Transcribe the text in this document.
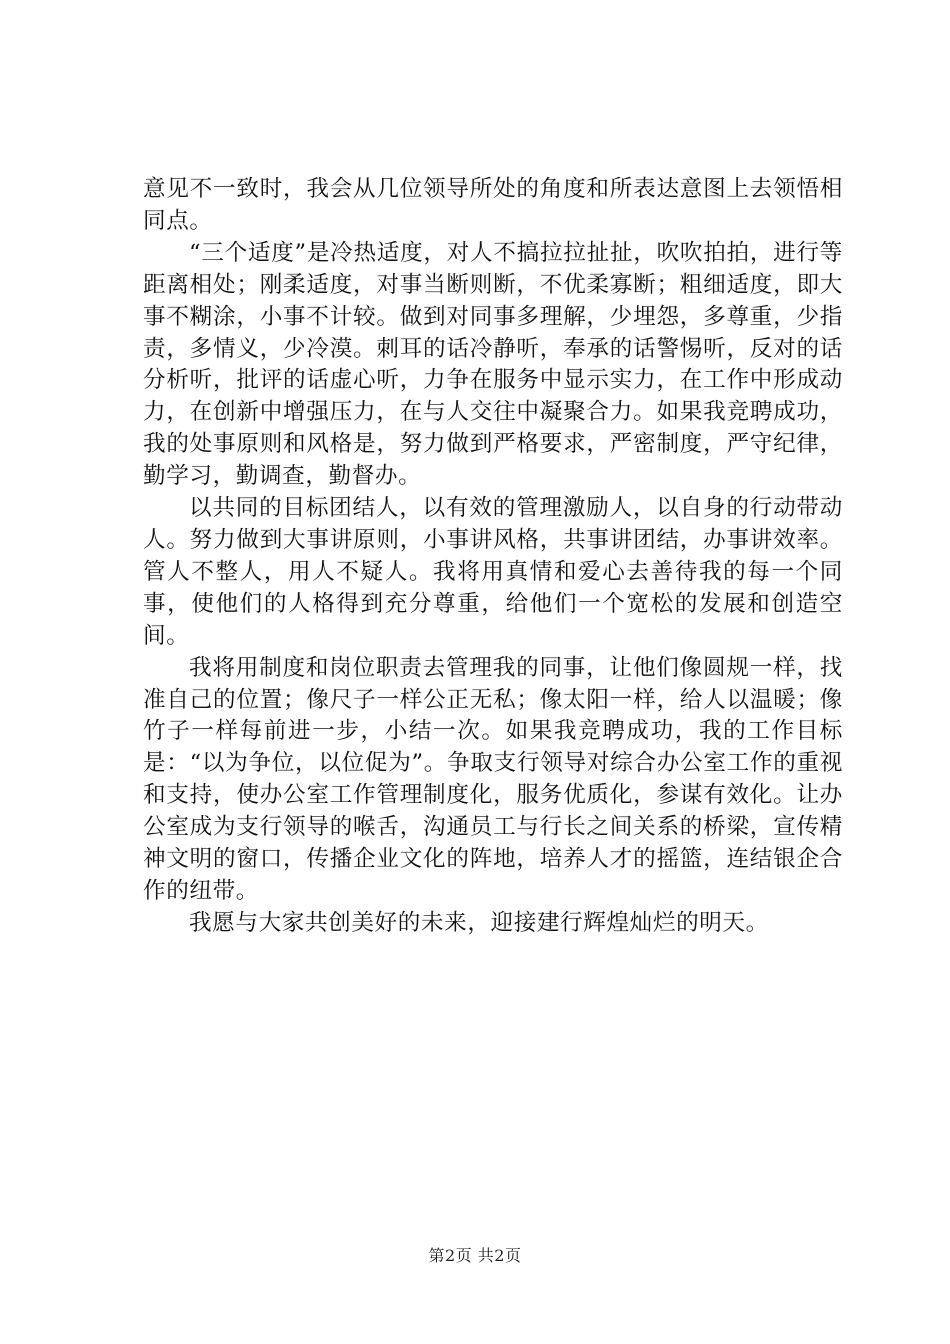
意见不一致时，我会从几位领导所处的角度和所表达意图上去领悟相同点。

“三个适度”是冷热适度，对人不搞拉拉扯扯，吹吹拍拍，进行等距离相处；刚柔适度，对事当断则断，不优柔寡断；粗细适度，即大事不糊涂，小事不计较。做到对同事多理解，少埋怨，多尊重，少指责，多情义，少冷漠。刺耳的话冷静听，奉承的话警惕听，反对的话分析听，批评的话虚心听，力争在服务中显示实力，在工作中形成动力，在创新中增强压力，在与人交往中凝聚合力。如果我竞聘成功，我的处事原则和风格是，努力做到严格要求，严密制度，严守纪律，勤学习，勤调查，勤督办。

以共同的目标团结人，以有效的管理激励人，以自身的行动带动人。努力做到大事讲原则，小事讲风格，共事讲团结，办事讲效率。管人不整人，用人不疑人。我将用真情和爱心去善待我的每一个同事，使他们的人格得到充分尊重，给他们一个宽松的发展和创造空间。

我将用制度和岗位职责去管理我的同事，让他们像圆规一样，找准自己的位置；像尺子一样公正无私；像太阳一样，给人以温暖；像竹子一样每前进一步，小结一次。如果我竞聘成功，我的工作目标是：“以为争位，以位促为”。争取支行领导对综合办公室工作的重视和支持，使办公室工作管理制度化，服务优质化，参谋有效化。让办公室成为支行领导的喉舌，沟通员工与行长之间关系的桥梁，宣传精神文明的窗口，传播企业文化的阵地，培养人才的摇篮，连结银企合作的纽带。

我愿与大家共创美好的未来，迎接建行辉煌灿烂的明天。

第2页 共2页
